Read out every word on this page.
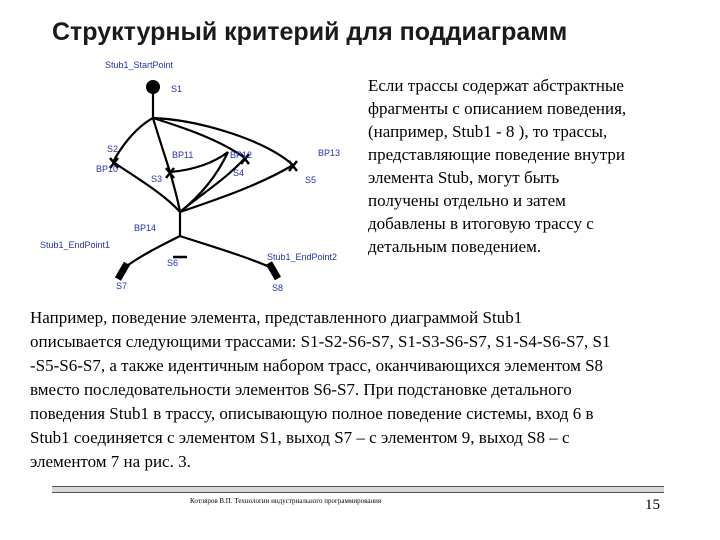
Структурный критерий для поддиаграмм
Stub1_StartPoint
S1
S2
BP10
BP11
S3
BP12
S4
BP13
S5
BP14
Stub1_EndPoint1
S6
Stub1_EndPoint2
S7	S8
Если трассы содержат абстрактные
фрагменты с описанием поведения,
(например, Stub1 - 8 ), то трассы,
представляющие поведение внутри
элемента Stub, могут быть
получены отдельно и затем
добавлены в итоговую трассу с
детальным поведением.
Например, поведение элемента, представленного диаграммой Stub1
описывается следующими трассами: S1-S2-S6-S7, S1-S3-S6-S7, S1-S4-S6-S7, S1
-S5-S6-S7, а также идентичным набором трасс, оканчивающихся элементом S8
вместо последовательности элементов S6-S7. При подстановке детального
поведения Stub1 в трассу, описывающую полное поведение системы, вход 6 в
Stub1 соединяется с элементом S1, выход S7 – с элементом 9, выход S8 – с
элементом 7 на рис. 3.
Котляров В.П. Технологии индустриального программирования	15
